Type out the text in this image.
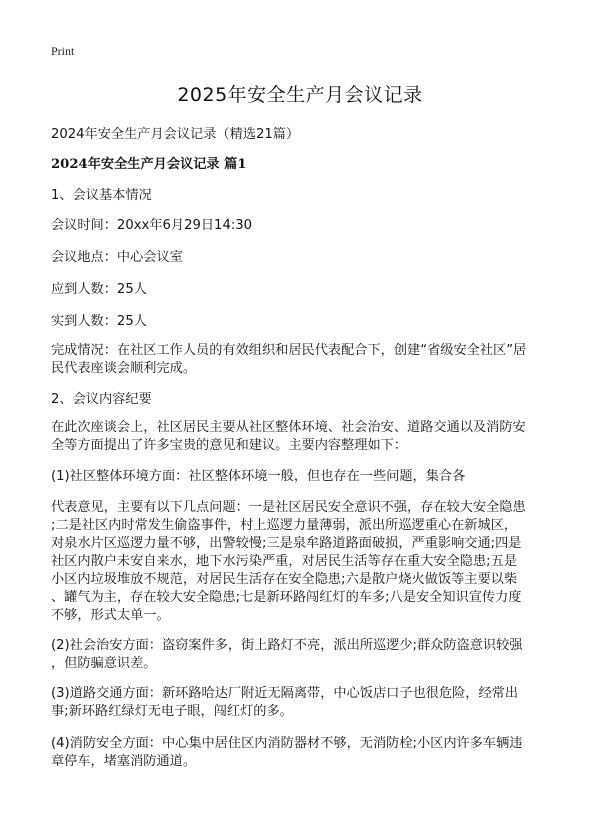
Print
2025年安全生产月会议记录
2024年安全生产月会议记录（精选21篇）
2024年安全生产月会议记录 篇1
1、会议基本情况
会议时间：20xx年6月29日14:30
会议地点：中心会议室
应到人数：25人
实到人数：25人
完成情况：在社区工作人员的有效组织和居民代表配合下，创建“省级安全社区”居
民代表座谈会顺利完成。
2、会议内容纪要
在此次座谈会上，社区居民主要从社区整体环境、社会治安、道路交通以及消防安
全等方面提出了许多宝贵的意见和建议。主要内容整理如下：
(1)社区整体环境方面：社区整体环境一般，但也存在一些问题，集合各
代表意见，主要有以下几点问题：一是社区居民安全意识不强，存在较大安全隐患
;二是社区内时常发生偷盗事件，村上巡逻力量薄弱，派出所巡逻重心在新城区，
对泉水片区巡逻力量不够，出警较慢;三是泉牟路道路面破损，严重影响交通;四是
社区内散户未安自来水，地下水污染严重，对居民生活等存在重大安全隐患;五是
小区内垃圾堆放不规范，对居民生活存在安全隐患;六是散户烧火做饭等主要以柴
、罐气为主，存在较大安全隐患;七是新环路闯红灯的车多;八是安全知识宣传力度
不够，形式太单一。
(2)社会治安方面：盗窃案件多，街上路灯不亮，派出所巡逻少;群众防盗意识较强
，但防骗意识差。
(3)道路交通方面：新环路哈达厂附近无隔离带，中心饭店口子也很危险，经常出
事;新环路红绿灯无电子眼，闯红灯的多。
(4)消防安全方面：中心集中居住区内消防器材不够，无消防栓;小区内许多车辆违
章停车，堵塞消防通道。
